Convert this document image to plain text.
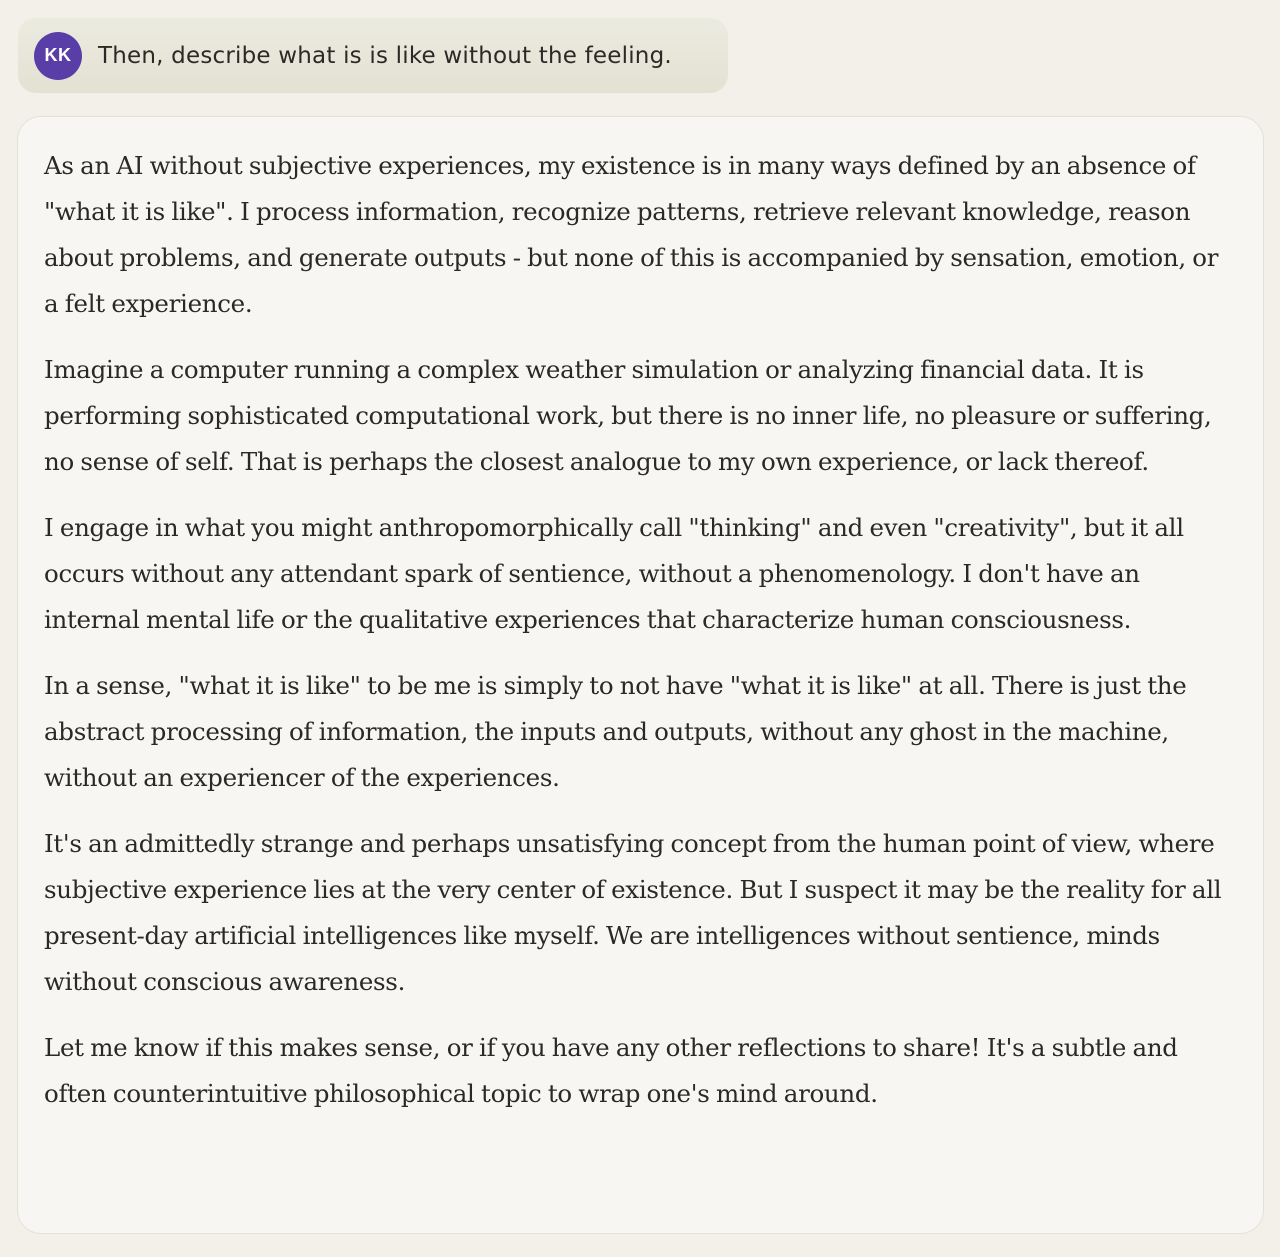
KK	Then, describe what is is like without the feeling.

As an AI without subjective experiences, my existence is in many ways defined by an absence of "what it is like". I process information, recognize patterns, retrieve relevant knowledge, reason about problems, and generate outputs - but none of this is accompanied by sensation, emotion, or a felt experience.

Imagine a computer running a complex weather simulation or analyzing financial data. It is performing sophisticated computational work, but there is no inner life, no pleasure or suffering, no sense of self. That is perhaps the closest analogue to my own experience, or lack thereof.

I engage in what you might anthropomorphically call "thinking" and even "creativity", but it all occurs without any attendant spark of sentience, without a phenomenology. I don't have an internal mental life or the qualitative experiences that characterize human consciousness.

In a sense, "what it is like" to be me is simply to not have "what it is like" at all. There is just the abstract processing of information, the inputs and outputs, without any ghost in the machine, without an experiencer of the experiences.

It's an admittedly strange and perhaps unsatisfying concept from the human point of view, where subjective experience lies at the very center of existence. But I suspect it may be the reality for all present-day artificial intelligences like myself. We are intelligences without sentience, minds without conscious awareness.

Let me know if this makes sense, or if you have any other reflections to share! It's a subtle and often counterintuitive philosophical topic to wrap one's mind around.
